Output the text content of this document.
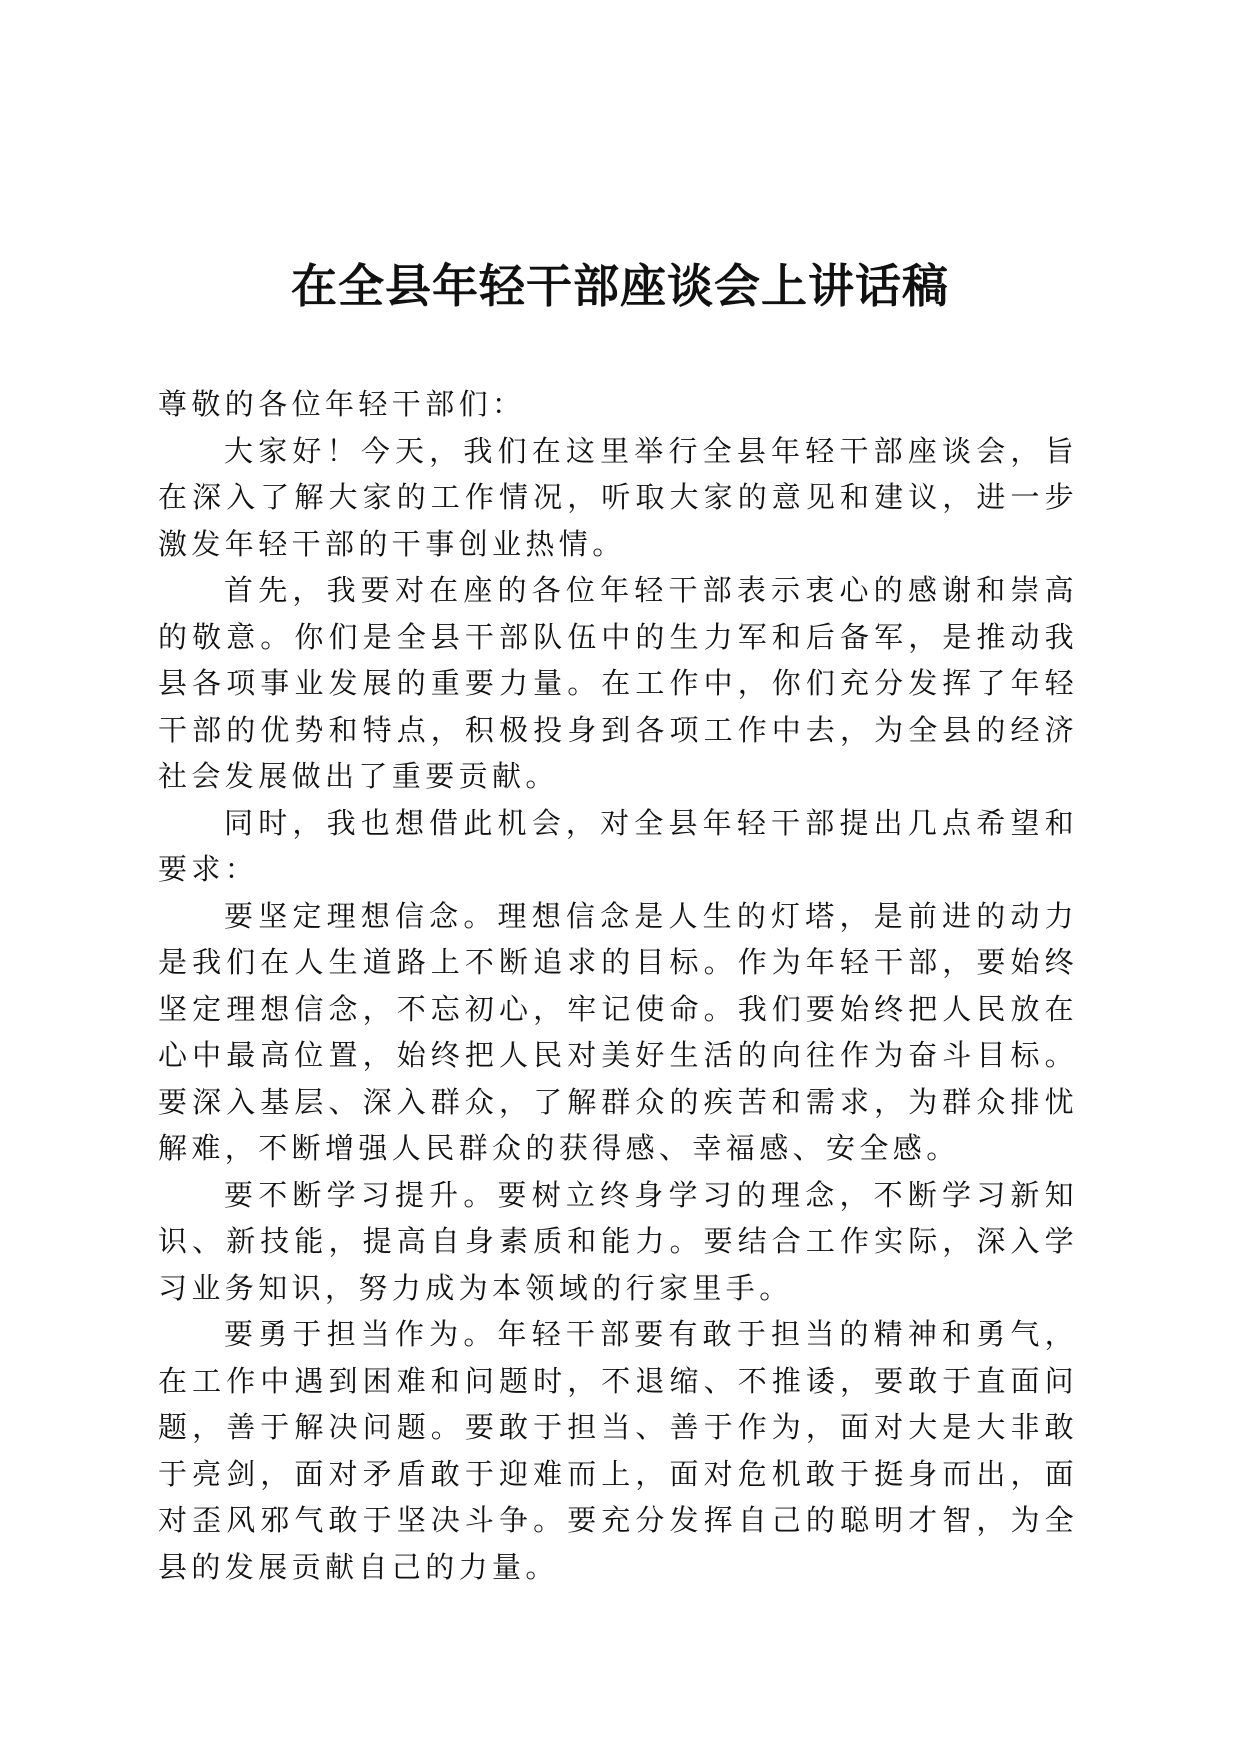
在全县年轻干部座谈会上讲话稿

尊敬的各位年轻干部们：

大家好！今天，我们在这里举行全县年轻干部座谈会，旨在深入了解大家的工作情况，听取大家的意见和建议，进一步激发年轻干部的干事创业热情。

首先，我要对在座的各位年轻干部表示衷心的感谢和崇高的敬意。你们是全县干部队伍中的生力军和后备军，是推动我县各项事业发展的重要力量。在工作中，你们充分发挥了年轻干部的优势和特点，积极投身到各项工作中去，为全县的经济社会发展做出了重要贡献。

同时，我也想借此机会，对全县年轻干部提出几点希望和要求：

要坚定理想信念。理想信念是人生的灯塔，是前进的动力是我们在人生道路上不断追求的目标。作为年轻干部，要始终坚定理想信念，不忘初心，牢记使命。我们要始终把人民放在心中最高位置，始终把人民对美好生活的向往作为奋斗目标。要深入基层、深入群众，了解群众的疾苦和需求，为群众排忧解难，不断增强人民群众的获得感、幸福感、安全感。

要不断学习提升。要树立终身学习的理念，不断学习新知识、新技能，提高自身素质和能力。要结合工作实际，深入学习业务知识，努力成为本领域的行家里手。

要勇于担当作为。年轻干部要有敢于担当的精神和勇气，在工作中遇到困难和问题时，不退缩、不推诿，要敢于直面问题，善于解决问题。要敢于担当、善于作为，面对大是大非敢于亮剑，面对矛盾敢于迎难而上，面对危机敢于挺身而出，面对歪风邪气敢于坚决斗争。要充分发挥自己的聪明才智，为全县的发展贡献自己的力量。
